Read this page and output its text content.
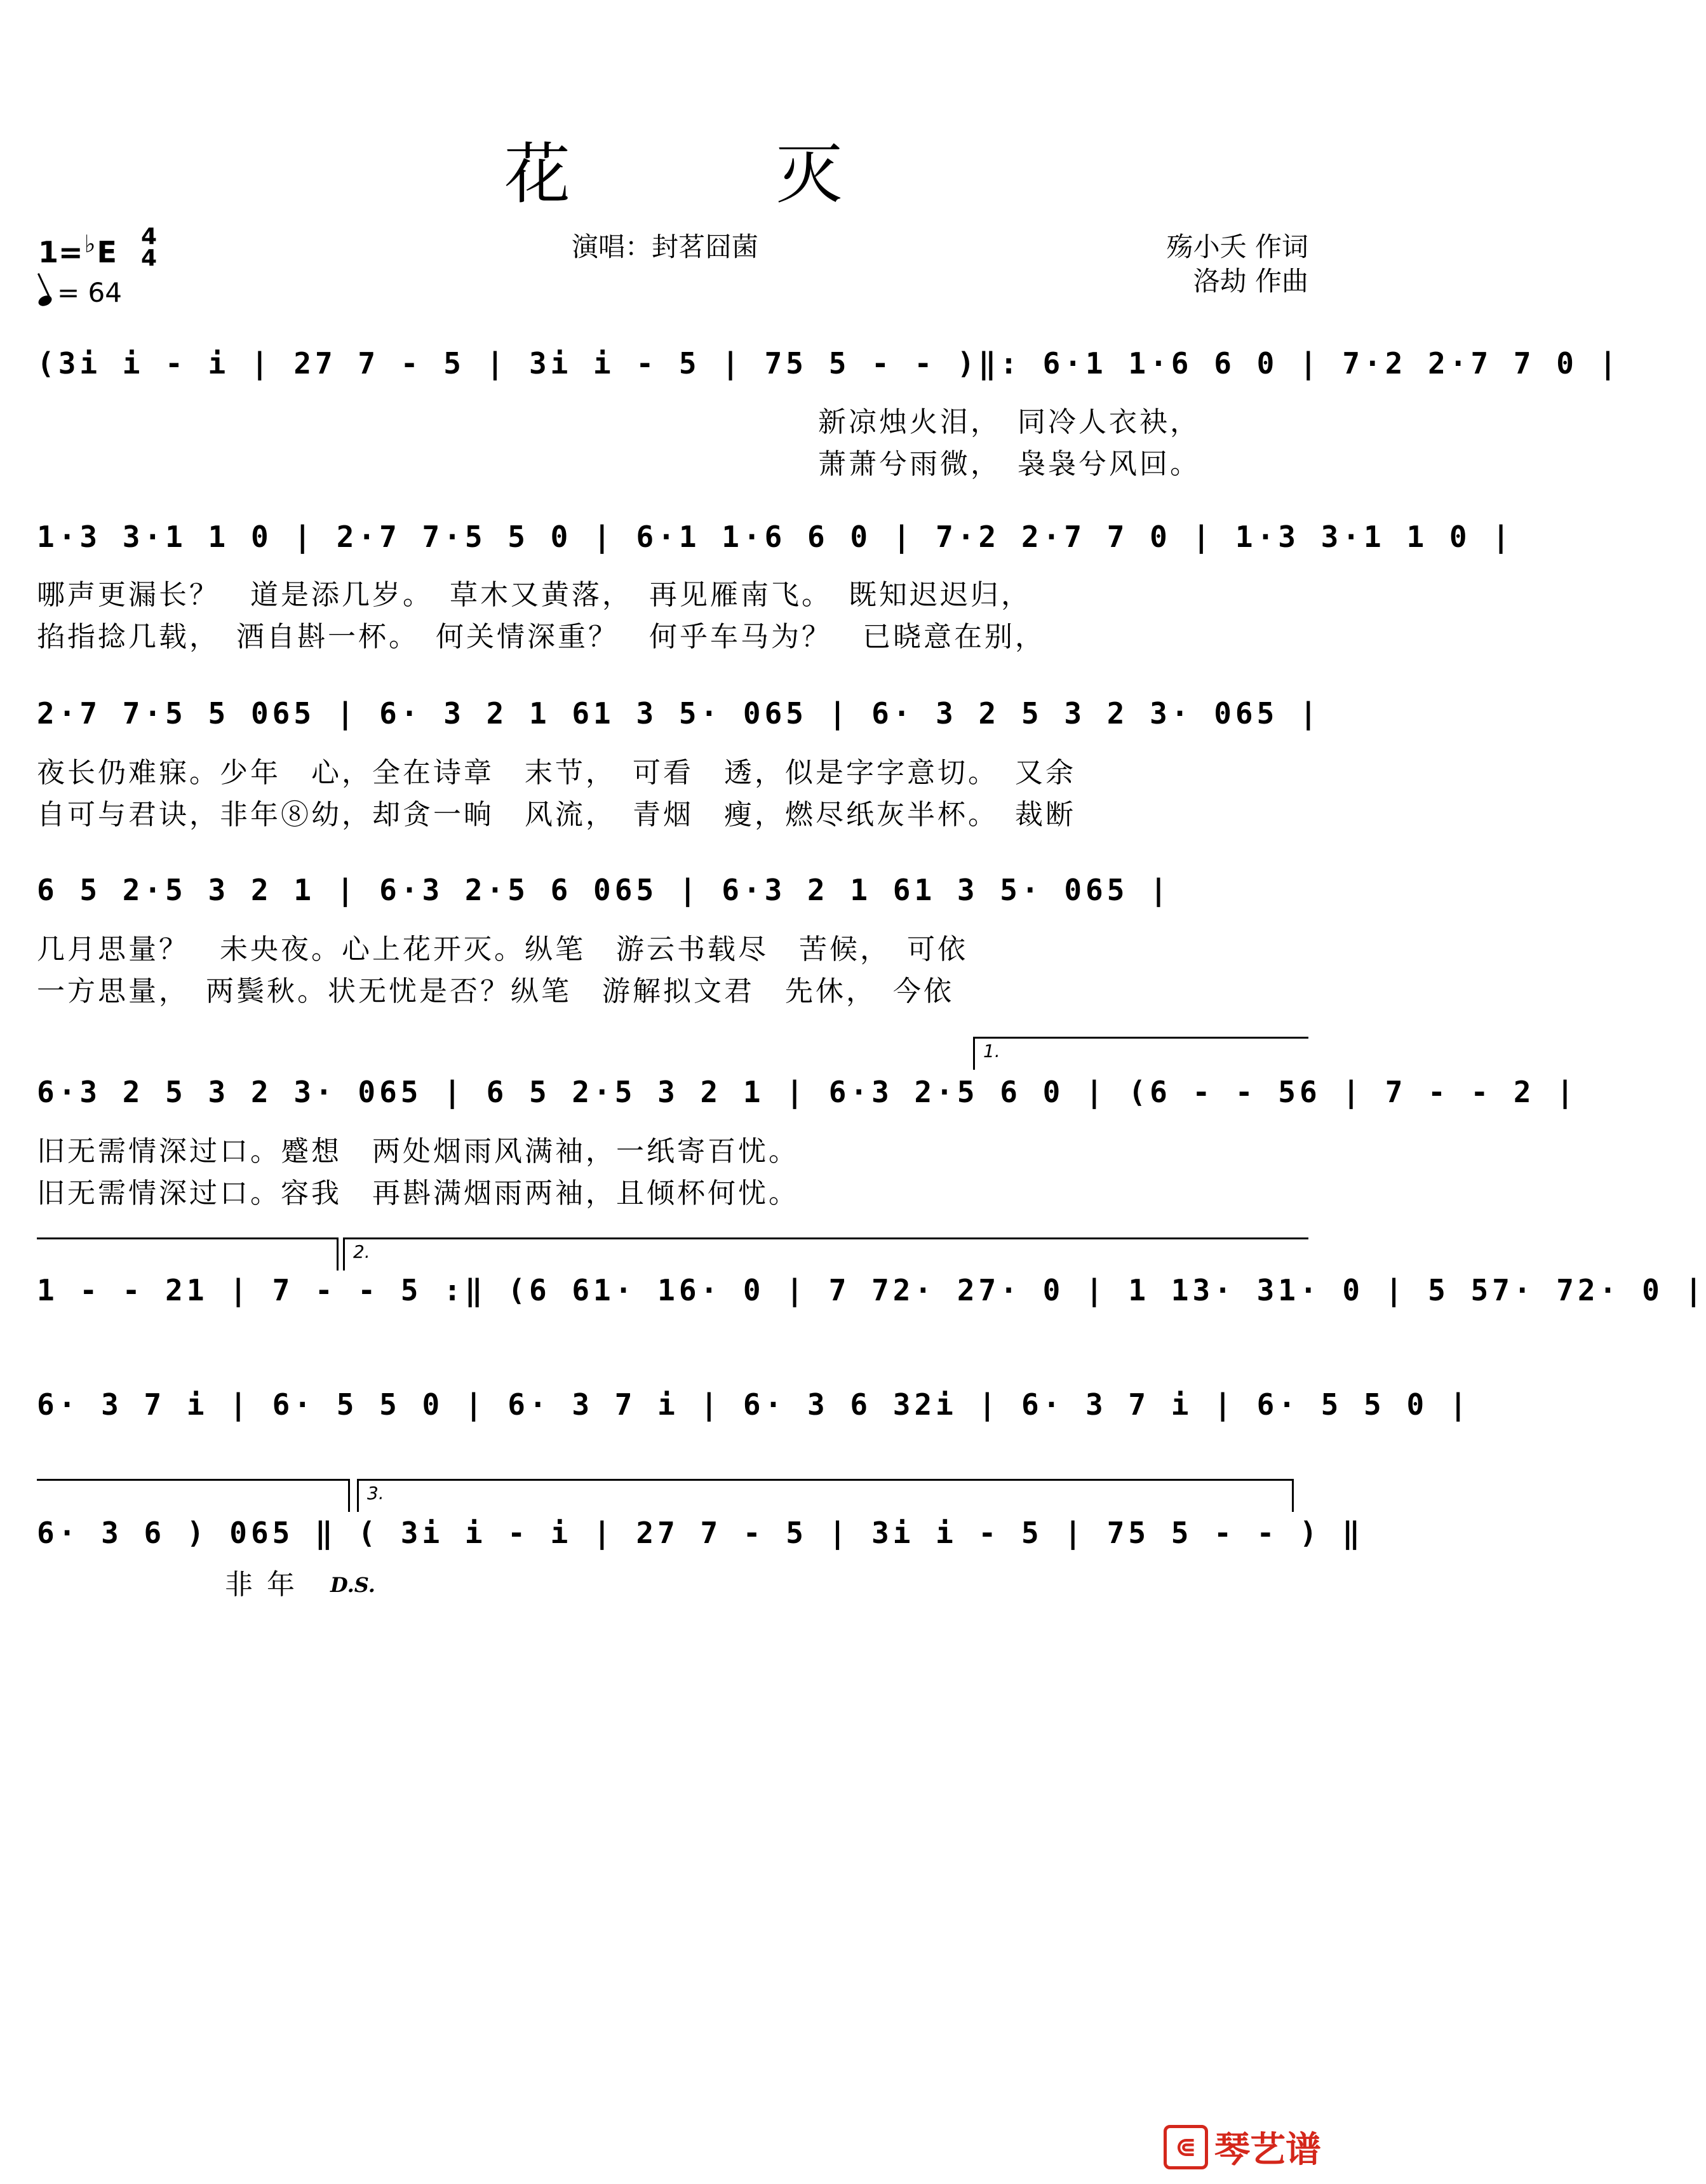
花　灭
1=♭E 4
4
= 64
演唱：封茗囧菌	殇小夭 作词
洛劫 作曲
(3i i - i | 27 7 - 5 | 3i i - 5 | 75 5 - - )‖: 6·1 1·6 6 0 | 7·2 2·7 7 0 |
新凉烛火泪，　同冷人衣袂，
萧萧兮雨微，　袅袅兮风回。
1·3 3·1 1 0 | 2·7 7·5 5 0 | 6·1 1·6 6 0 | 7·2 2·7 7 0 | 1·3 3·1 1 0 |
哪声更漏长？　道是添几岁。　草木又黄落，　再见雁南飞。　既知迟迟归，
掐指捻几载，　酒自斟一杯。　何关情深重？　何乎车马为？　已晓意在别，
2·7 7·5 5 065 | 6· 3 2 1 61 3 5· 065 | 6· 3 2 5 3 2 3· 065 |
夜长仍难寐。少年　心，全在诗章　末节，　可看　透，似是字字意切。　又余
自可与君诀，非年⑧幼，却贪一晌　风流，　青烟　瘦，燃尽纸灰半杯。　裁断
6 5 2·5 3 2 1 | 6·3 2·5 6 065 | 6·3 2 1 61 3 5· 065 |
几月思量？　未央夜。心上花开灭。纵笔　游云书载尽　苦候，　可依
一方思量，　两鬓秋。状无忧是否？纵笔　游解拟文君　先休，　今依
1.
6·3 2 5 3 2 3· 065 | 6 5 2·5 3 2 1 | 6·3 2·5 6 0 | (6 - - 56 | 7 - - 2 |
旧无需情深过口。蹙想　两处烟雨风满袖，一纸寄百忧。
旧无需情深过口。容我　再斟满烟雨两袖，且倾杯何忧。
2.
1 - - 21 | 7 - - 5 :‖ (6 61· 16· 0 | 7 72· 27· 0 | 1 13· 31· 0 | 5 57· 72· 0 |
6· 3 7 i | 6· 5 5 0 | 6· 3 7 i | 6· 3 6 32i | 6· 3 7 i | 6· 5 5 0 |
3.
6· 3 6 ) 065 ‖ ( 3i i - i | 27 7 - 5 | 3i i - 5 | 75 5 - - ) ‖
非 年	D.S.
⋐ 琴艺谱
